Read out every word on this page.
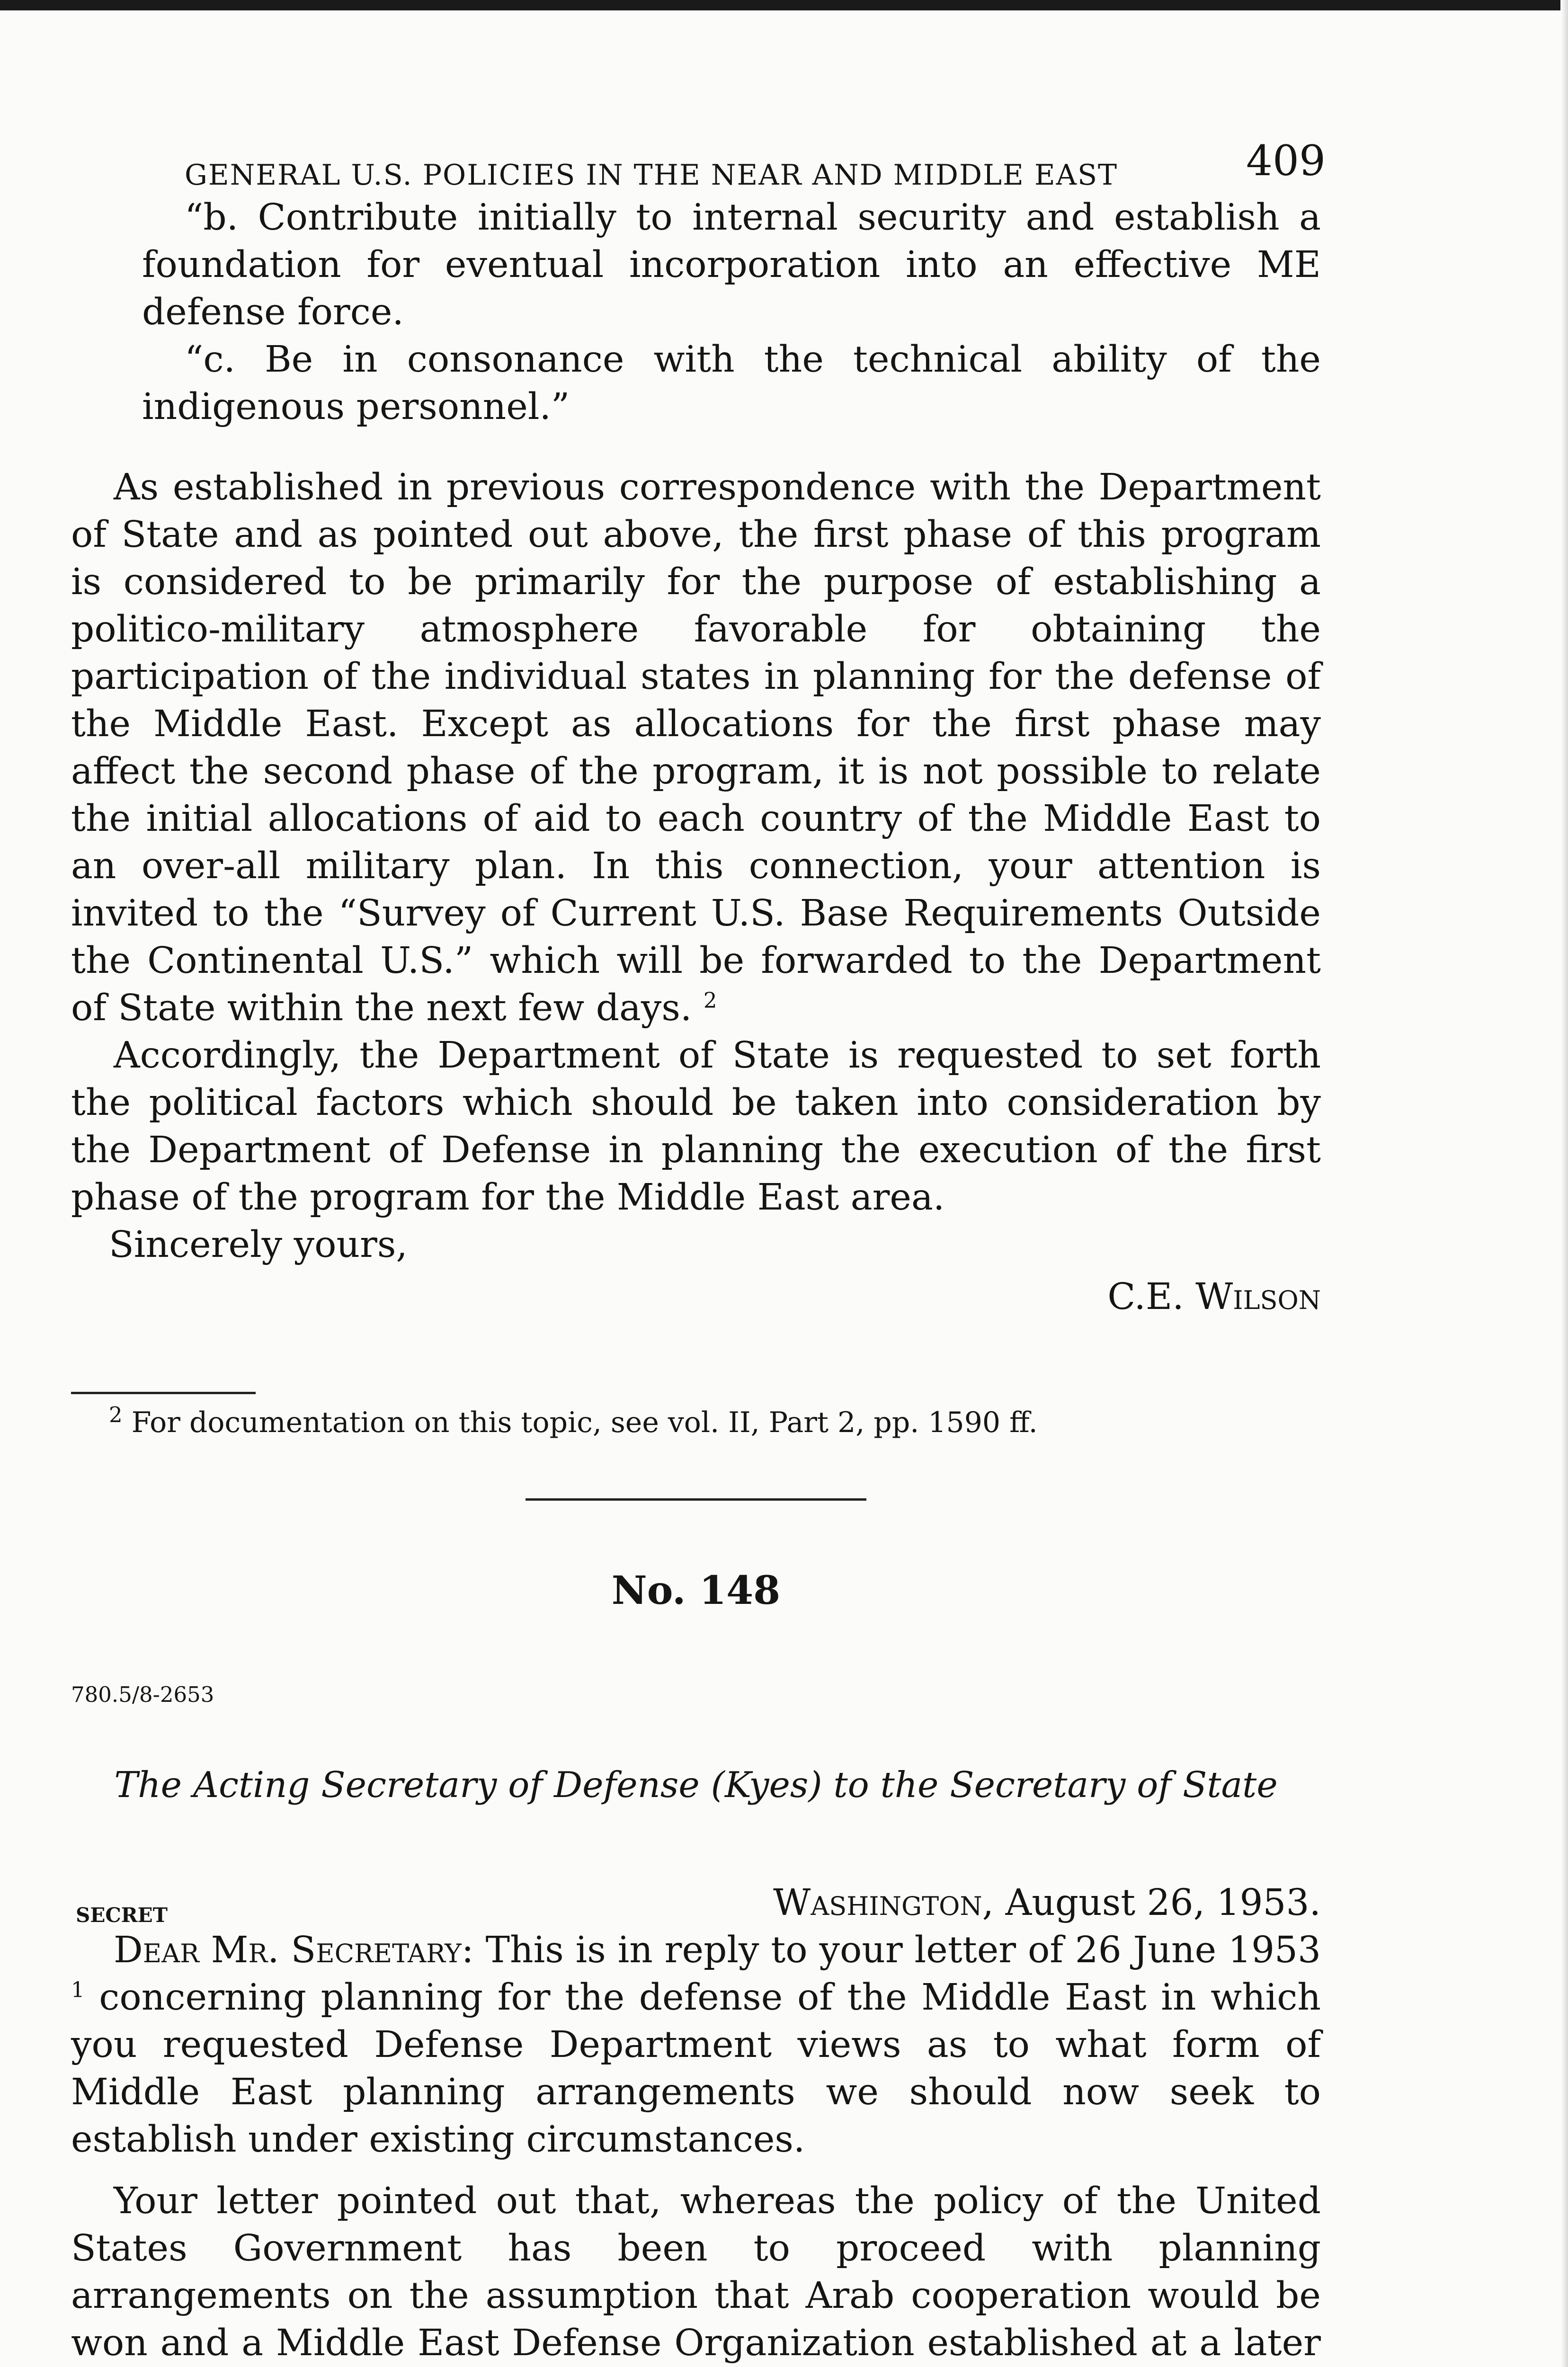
GENERAL U.S. POLICIES IN THE NEAR AND MIDDLE EAST	409

“b. Contribute initially to internal security and establish a foundation for eventual incorporation into an effective ME defense force.

“c. Be in consonance with the technical ability of the indigenous personnel.”

As established in previous correspondence with the Department of State and as pointed out above, the first phase of this program is considered to be primarily for the purpose of establishing a politico-military atmosphere favorable for obtaining the participation of the individual states in planning for the defense of the Middle East. Except as allocations for the first phase may affect the second phase of the program, it is not possible to relate the initial allocations of aid to each country of the Middle East to an over-all military plan. In this connection, your attention is invited to the “Survey of Current U.S. Base Requirements Outside the Continental U.S.” which will be forwarded to the Department of State within the next few days. $^2$

Accordingly, the Department of State is requested to set forth the political factors which should be taken into consideration by the Department of Defense in planning the execution of the first phase of the program for the Middle East area.

Sincerely yours,

C.E. Wilson

$^2$ For documentation on this topic, see vol. II, Part 2, pp. 1590 ff.

No. 148

780.5/8-2653

The Acting Secretary of Defense (Kyes) to the Secretary of State

secret	Washington, August 26, 1953.

Dear Mr. Secretary: This is in reply to your letter of 26 June 1953 $^1$ concerning planning for the defense of the Middle East in which you requested Defense Department views as to what form of Middle East planning arrangements we should now seek to establish under existing circumstances.

Your letter pointed out that, whereas the policy of the United States Government has been to proceed with planning arrangements on the assumption that Arab cooperation would be won and a Middle East Defense Organization established at a later
